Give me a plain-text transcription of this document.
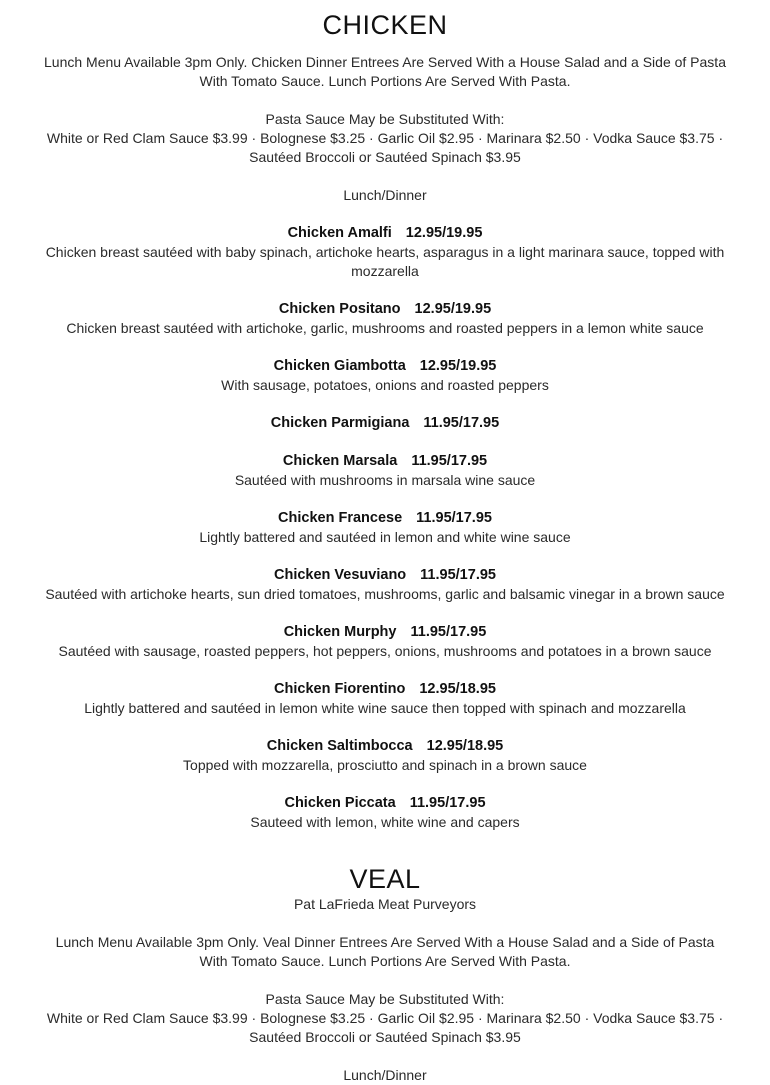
CHICKEN

Lunch Menu Available 3pm Only. Chicken Dinner Entrees Are Served With a House Salad and a Side of Pasta

With Tomato Sauce. Lunch Portions Are Served With Pasta.

Pasta Sauce May be Substituted With:

White or Red Clam Sauce $3.99 · Bolognese $3.25 · Garlic Oil $2.95 · Marinara $2.50 · Vodka Sauce $3.75 ·

Sautéed Broccoli or Sautéed Spinach $3.95

Lunch/Dinner

Chicken Amalfi 12.95/19.95

Chicken breast sautéed with baby spinach, artichoke hearts, asparagus in a light marinara sauce, topped with

mozzarella

Chicken Positano 12.95/19.95

Chicken breast sautéed with artichoke, garlic, mushrooms and roasted peppers in a lemon white sauce

Chicken Giambotta 12.95/19.95

With sausage, potatoes, onions and roasted peppers

Chicken Parmigiana 11.95/17.95

Chicken Marsala 11.95/17.95

Sautéed with mushrooms in marsala wine sauce

Chicken Francese 11.95/17.95

Lightly battered and sautéed in lemon and white wine sauce

Chicken Vesuviano 11.95/17.95

Sautéed with artichoke hearts, sun dried tomatoes, mushrooms, garlic and balsamic vinegar in a brown sauce

Chicken Murphy 11.95/17.95

Sautéed with sausage, roasted peppers, hot peppers, onions, mushrooms and potatoes in a brown sauce

Chicken Fiorentino 12.95/18.95

Lightly battered and sautéed in lemon white wine sauce then topped with spinach and mozzarella

Chicken Saltimbocca 12.95/18.95

Topped with mozzarella, prosciutto and spinach in a brown sauce

Chicken Piccata 11.95/17.95

Sauteed with lemon, white wine and capers

VEAL

Pat LaFrieda Meat Purveyors

Lunch Menu Available 3pm Only. Veal Dinner Entrees Are Served With a House Salad and a Side of Pasta

With Tomato Sauce. Lunch Portions Are Served With Pasta.

Pasta Sauce May be Substituted With:

White or Red Clam Sauce $3.99 · Bolognese $3.25 · Garlic Oil $2.95 · Marinara $2.50 · Vodka Sauce $3.75 ·

Sautéed Broccoli or Sautéed Spinach $3.95

Lunch/Dinner
